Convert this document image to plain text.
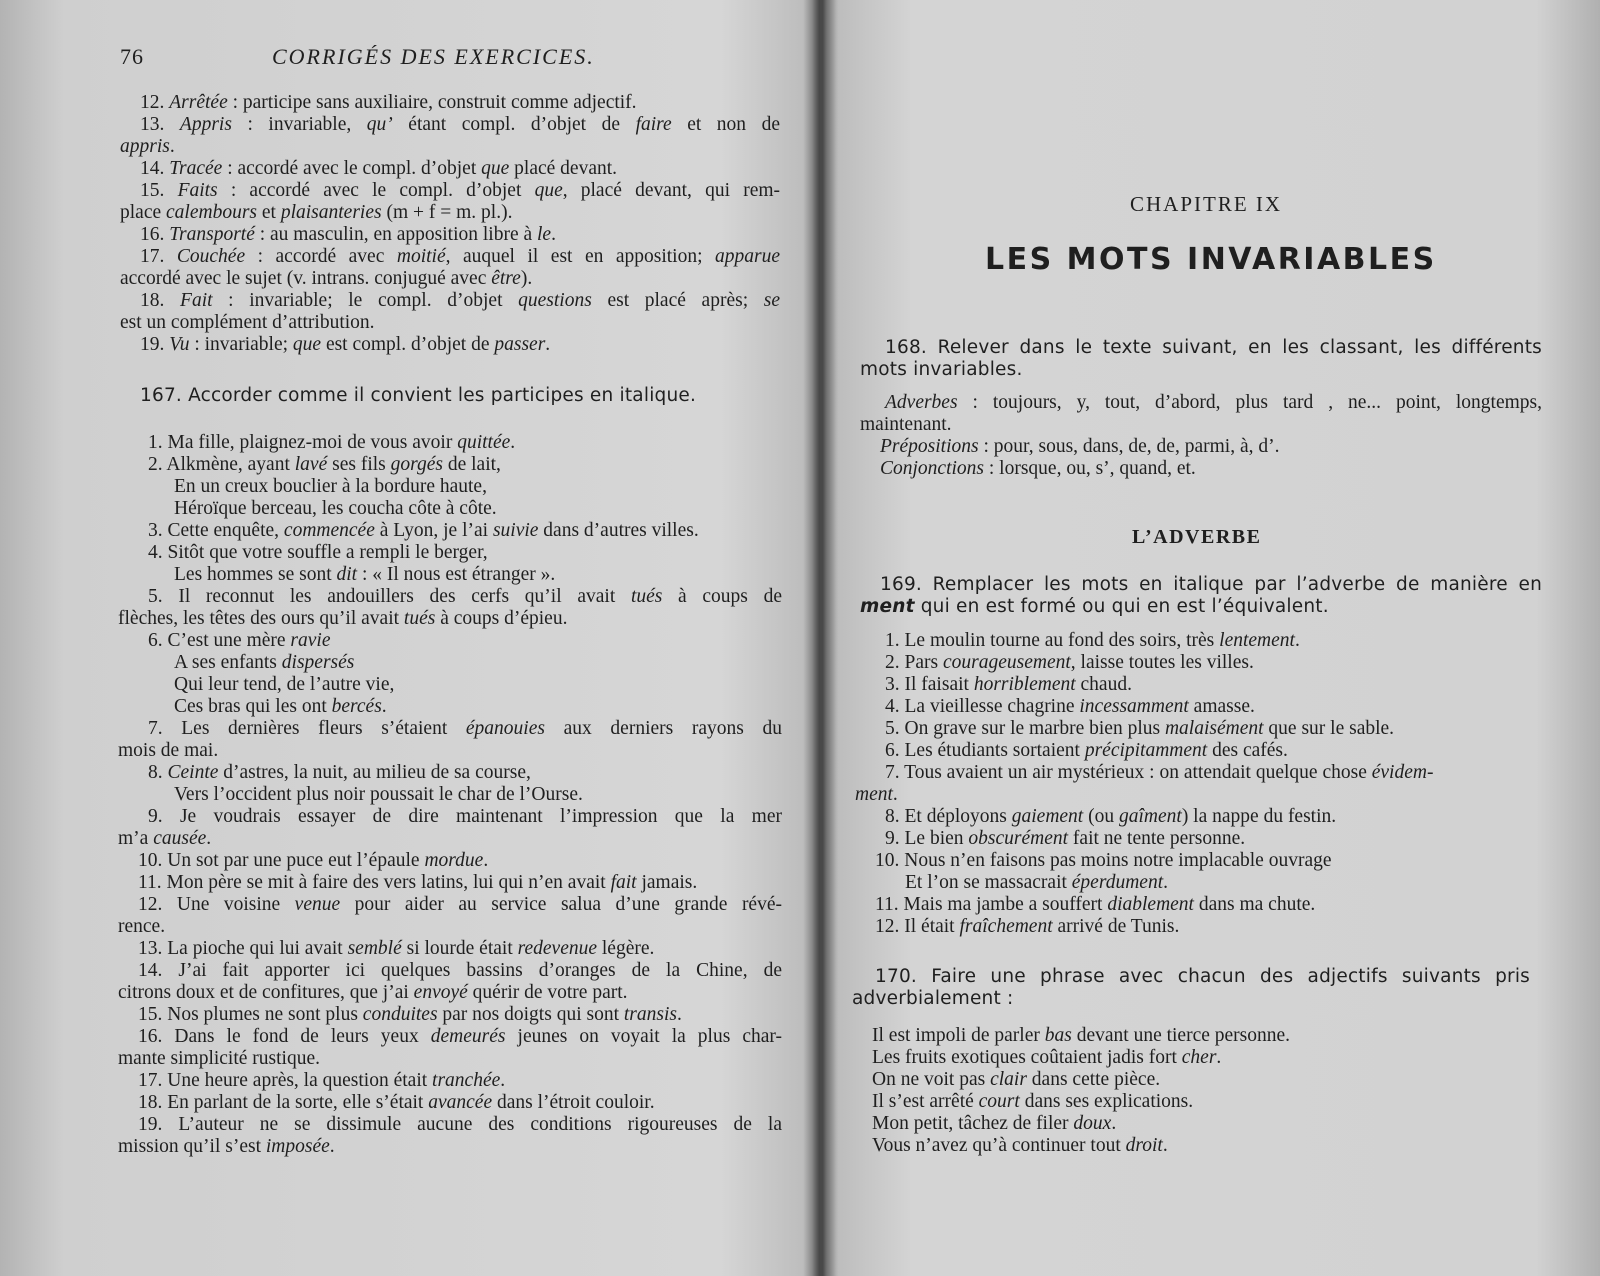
76	CORRIGÉS DES EXERCICES.
12. Arrêtée : participe sans auxiliaire, construit comme adjectif.
13. Appris : invariable, qu’ étant compl. d’objet de faire et non de
appris.
14. Tracée : accordé avec le compl. d’objet que placé devant.
15. Faits : accordé avec le compl. d’objet que, placé devant, qui rem-
place calembours et plaisanteries (m + f = m. pl.).
16. Transporté : au masculin, en apposition libre à le.
17. Couchée : accordé avec moitié, auquel il est en apposition; apparue
accordé avec le sujet (v. intrans. conjugué avec être).
18. Fait : invariable; le compl. d’objet questions est placé après; se
est un complément d’attribution.
19. Vu : invariable; que est compl. d’objet de passer.
167. Accorder comme il convient les participes en italique.
1. Ma fille, plaignez-moi de vous avoir quittée.
2. Alkmène, ayant lavé ses fils gorgés de lait,
En un creux bouclier à la bordure haute,
Héroïque berceau, les coucha côte à côte.
3. Cette enquête, commencée à Lyon, je l’ai suivie dans d’autres villes.
4. Sitôt que votre souffle a rempli le berger,
Les hommes se sont dit : « Il nous est étranger ».
5. Il reconnut les andouillers des cerfs qu’il avait tués à coups de
flèches, les têtes des ours qu’il avait tués à coups d’épieu.
6. C’est une mère ravie
A ses enfants dispersés
Qui leur tend, de l’autre vie,
Ces bras qui les ont bercés.
7. Les dernières fleurs s’étaient épanouies aux derniers rayons du
mois de mai.
8. Ceinte d’astres, la nuit, au milieu de sa course,
Vers l’occident plus noir poussait le char de l’Ourse.
9. Je voudrais essayer de dire maintenant l’impression que la mer
m’a causée.
10. Un sot par une puce eut l’épaule mordue.
11. Mon père se mit à faire des vers latins, lui qui n’en avait fait jamais.
12. Une voisine venue pour aider au service salua d’une grande révé-
rence.
13. La pioche qui lui avait semblé si lourde était redevenue légère.
14. J’ai fait apporter ici quelques bassins d’oranges de la Chine, de
citrons doux et de confitures, que j’ai envoyé quérir de votre part.
15. Nos plumes ne sont plus conduites par nos doigts qui sont transis.
16. Dans le fond de leurs yeux demeurés jeunes on voyait la plus char-
mante simplicité rustique.
17. Une heure après, la question était tranchée.
18. En parlant de la sorte, elle s’était avancée dans l’étroit couloir.
19. L’auteur ne se dissimule aucune des conditions rigoureuses de la
mission qu’il s’est imposée.
CHAPITRE IX
LES MOTS INVARIABLES
168. Relever dans le texte suivant, en les classant, les différents
mots invariables.
Adverbes : toujours, y, tout, d’abord, plus tard , ne... point, longtemps,
maintenant.
Prépositions : pour, sous, dans, de, de, parmi, à, d’.
Conjonctions : lorsque, ou, s’, quand, et.
L’ADVERBE
169. Remplacer les mots en italique par l’adverbe de manière en
ment qui en est formé ou qui en est l’équivalent.
1. Le moulin tourne au fond des soirs, très lentement.
2. Pars courageusement, laisse toutes les villes.
3. Il faisait horriblement chaud.
4. La vieillesse chagrine incessamment amasse.
5. On grave sur le marbre bien plus malaisément que sur le sable.
6. Les étudiants sortaient précipitamment des cafés.
7. Tous avaient un air mystérieux : on attendait quelque chose évidem-
ment.
8. Et déployons gaiement (ou gaîment) la nappe du festin.
9. Le bien obscurément fait ne tente personne.
10. Nous n’en faisons pas moins notre implacable ouvrage
Et l’on se massacrait éperdument.
11. Mais ma jambe a souffert diablement dans ma chute.
12. Il était fraîchement arrivé de Tunis.
170. Faire une phrase avec chacun des adjectifs suivants pris
adverbialement :
Il est impoli de parler bas devant une tierce personne.
Les fruits exotiques coûtaient jadis fort cher.
On ne voit pas clair dans cette pièce.
Il s’est arrêté court dans ses explications.
Mon petit, tâchez de filer doux.
Vous n’avez qu’à continuer tout droit.
